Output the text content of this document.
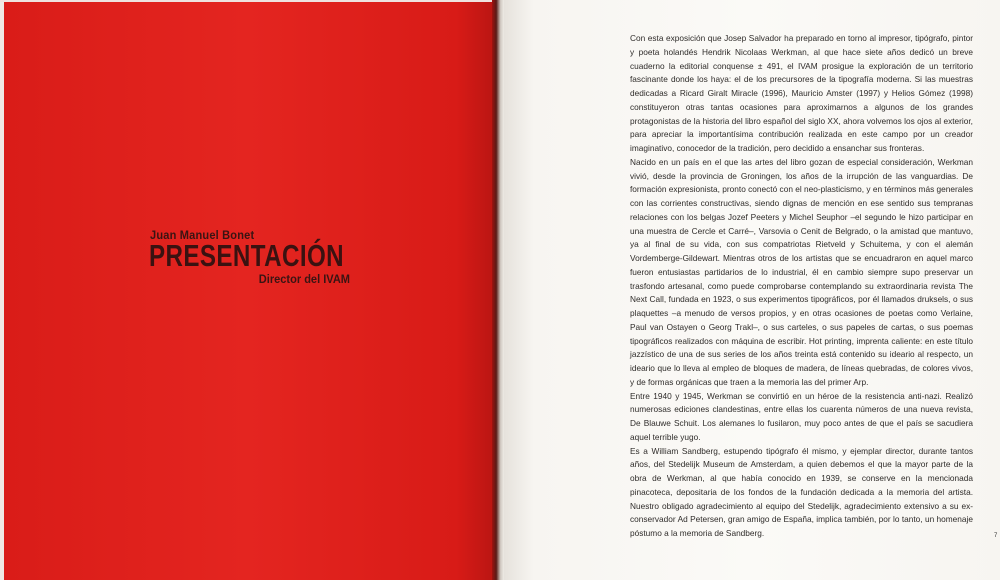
Juan Manuel Bonet
PRESENTACIÓN
Director del IVAM

Con esta exposición que Josep Salvador ha preparado en torno al impresor, tipógrafo, pintor y poeta holandés Hendrik Nicolaas Werkman, al que hace siete años dedicó un breve cuaderno la editorial conquense ± 491, el IVAM prosigue la exploración de un territorio fascinante donde los haya: el de los precursores de la tipografía moderna. Si las muestras dedicadas a Ricard Giralt Miracle (1996), Mauricio Amster (1997) y Helios Gómez (1998) constituyeron otras tantas ocasiones para aproximarnos a algunos de los grandes protagonistas de la historia del libro español del siglo XX, ahora volvemos los ojos al exterior, para apreciar la importantísima contribución realizada en este campo por un creador imaginativo, conocedor de la tradición, pero decidido a ensanchar sus fronteras.

Nacido en un país en el que las artes del libro gozan de especial consideración, Werkman vivió, desde la provincia de Groningen, los años de la irrupción de las vanguardias. De formación expresionista, pronto conectó con el neo-plasticismo, y en términos más generales con las corrientes constructivas, siendo dignas de mención en ese sentido sus tempranas relaciones con los belgas Jozef Peeters y Michel Seuphor –el segundo le hizo participar en una muestra de Cercle et Carré–, Varsovia o Cenit de Belgrado, o la amistad que mantuvo, ya al final de su vida, con sus compatriotas Rietveld y Schuitema, y con el alemán Vordemberge-Gildewart. Mientras otros de los artistas que se encuadraron en aquel marco fueron entusiastas partidarios de lo industrial, él en cambio siempre supo preservar un trasfondo artesanal, como puede comprobarse contemplando su extraordinaria revista The Next Call, fundada en 1923, o sus experimentos tipográficos, por él llamados druksels, o sus plaquettes –a menudo de versos propios, y en otras ocasiones de poetas como Verlaine, Paul van Ostayen o Georg Trakl–, o sus carteles, o sus papeles de cartas, o sus poemas tipográficos realizados con máquina de escribir. Hot printing, imprenta caliente: en este título jazzístico de una de sus series de los años treinta está contenido su ideario al respecto, un ideario que lo lleva al empleo de bloques de madera, de líneas quebradas, de colores vivos, y de formas orgánicas que traen a la memoria las del primer Arp.

Entre 1940 y 1945, Werkman se convirtió en un héroe de la resistencia anti-nazi. Realizó numerosas ediciones clandestinas, entre ellas los cuarenta números de una nueva revista, De Blauwe Schuit. Los alemanes lo fusilaron, muy poco antes de que el país se sacudiera aquel terrible yugo.

Es a William Sandberg, estupendo tipógrafo él mismo, y ejemplar director, durante tantos años, del Stedelijk Museum de Amsterdam, a quien debemos el que la mayor parte de la obra de Werkman, al que había conocido en 1939, se conserve en la mencionada pinacoteca, depositaria de los fondos de la fundación dedicada a la memoria del artista. Nuestro obligado agradecimiento al equipo del Stedelijk, agradecimiento extensivo a su ex-conservador Ad Petersen, gran amigo de España, implica también, por lo tanto, un homenaje póstumo a la memoria de Sandberg.	7
